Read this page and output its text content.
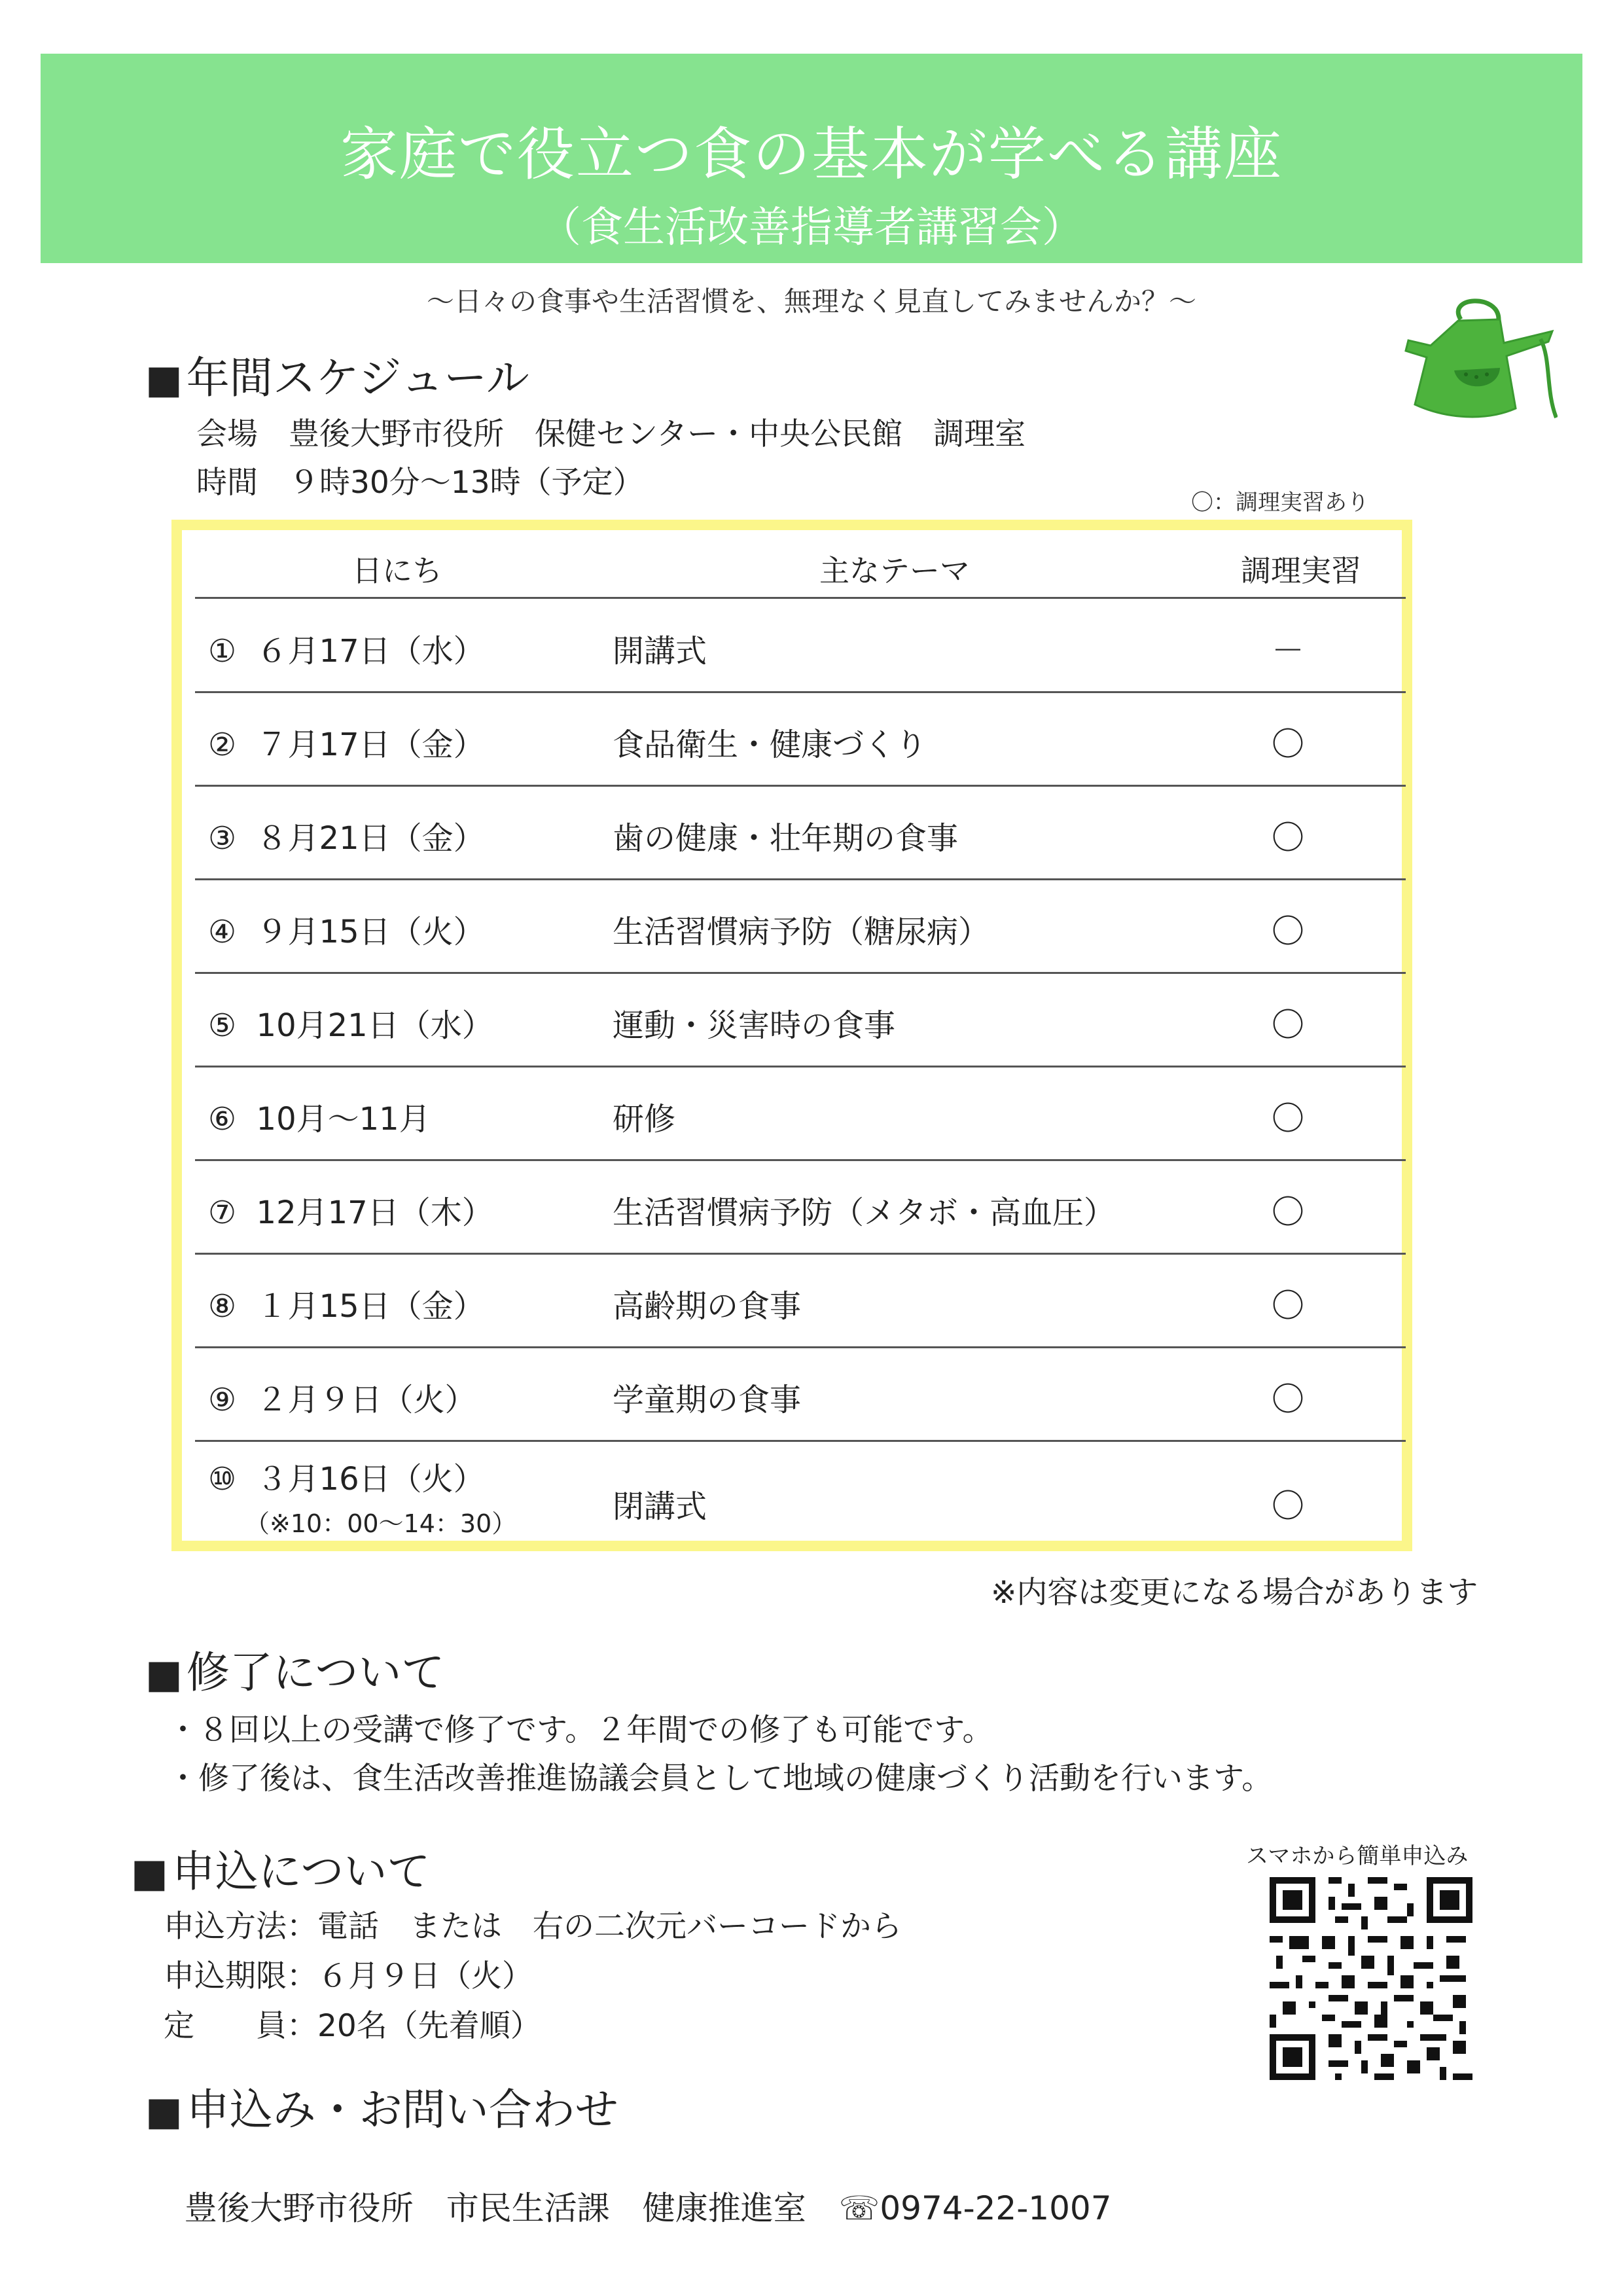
家庭で役立つ食の基本が学べる講座
（食生活改善指導者講習会）
～日々の食事や生活習慣を、無理なく見直してみませんか？～
■年間スケジュール
会場　豊後大野市役所　保健センター・中央公民館　調理室
時間　９時30分～13時（予定）
〇：調理実習あり
日にち	主なテーマ	調理実習
①  ６月17日（水）	開講式	－
②  ７月17日（金）	食品衛生・健康づくり	〇
③  ８月21日（金）	歯の健康・壮年期の食事	〇
④  ９月15日（火）	生活習慣病予防（糖尿病）	〇
⑤  10月21日（水）	運動・災害時の食事	〇
⑥  10月～11月	研修	〇
⑦  12月17日（木）	生活習慣病予防（メタボ・高血圧）	〇
⑧  １月15日（金）	高齢期の食事	〇
⑨  ２月９日（火）	学童期の食事	〇
⑩  ３月16日（火）
（※10：00～14：30）	閉講式	〇
※内容は変更になる場合があります
■修了について
・８回以上の受講で修了です。２年間での修了も可能です。
・修了後は、食生活改善推進協議会員として地域の健康づくり活動を行います。
■申込について
申込方法：電話　または　右の二次元バーコードから
申込期限：６月９日（火）
定　　員：20名（先着順）
スマホから簡単申込み
■申込み・お問い合わせ

豊後大野市役所　市民生活課　健康推進室　☏0974-22-1007
